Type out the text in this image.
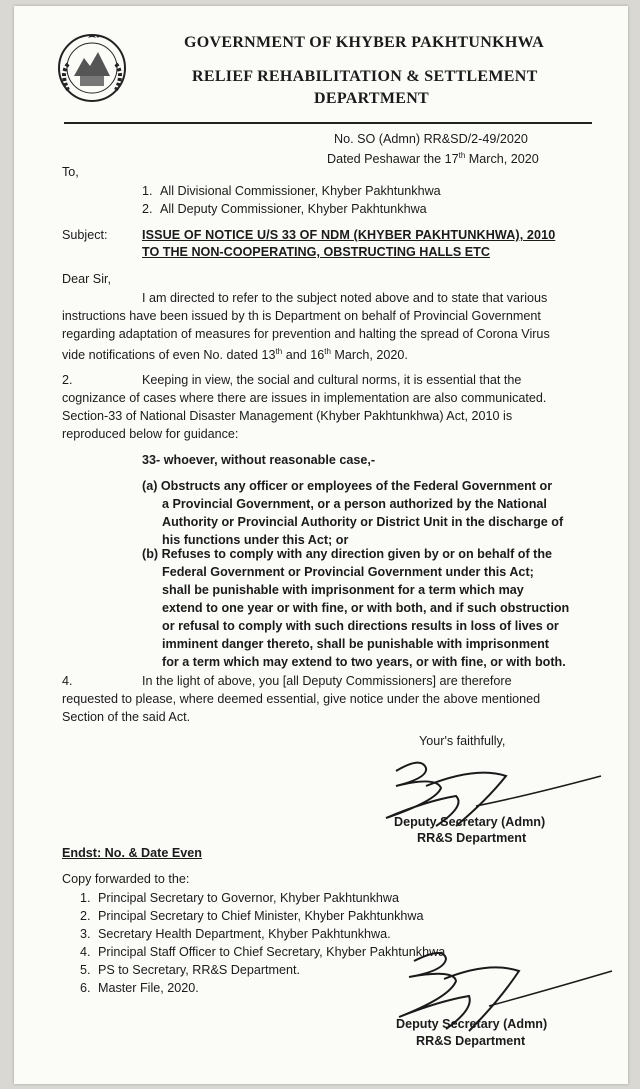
GOVERNMENT OF KHYBER PAKHTUNKHWA
RELIEF REHABILITATION & SETTLEMENT
DEPARTMENT
No. SO (Admn) RR&SD/2-49/2020
Dated Peshawar the 17th March, 2020
To,
1. All Divisional Commissioner, Khyber Pakhtunkhwa
2. All Deputy Commissioner, Khyber Pakhtunkhwa
Subject:	ISSUE OF NOTICE U/S 33 OF NDM (KHYBER PAKHTUNKHWA), 2010
TO THE NON-COOPERATING, OBSTRUCTING HALLS ETC
Dear Sir,
I am directed to refer to the subject noted above and to state that various
instructions have been issued by th is Department on behalf of Provincial Government
regarding adaptation of measures for prevention and halting the spread of Corona Virus
vide notifications of even No. dated 13th and 16th March, 2020.
2.	Keeping in view, the social and cultural norms, it is essential that the
cognizance of cases where there are issues in implementation are also communicated.
Section-33 of National Disaster Management (Khyber Pakhtunkhwa) Act, 2010 is
reproduced below for guidance:
33- whoever, without reasonable case,-
(a) Obstructs any officer or employees of the Federal Government or
a Provincial Government, or a person authorized by the National
Authority or Provincial Authority or District Unit in the discharge of
his functions under this Act; or
(b) Refuses to comply with any direction given by or on behalf of the
Federal Government or Provincial Government under this Act;
shall be punishable with imprisonment for a term which may
extend to one year or with fine, or with both, and if such obstruction
or refusal to comply with such directions results in loss of lives or
imminent danger thereto, shall be punishable with imprisonment
for a term which may extend to two years, or with fine, or with both.
4.	In the light of above, you [all Deputy Commissioners] are therefore
requested to please, where deemed essential, give notice under the above mentioned
Section of the said Act.
Your's faithfully,
Deputy Secretary (Admn)
RR&S Department
Endst: No. & Date Even
Copy forwarded to the:
1. Principal Secretary to Governor, Khyber Pakhtunkhwa
2. Principal Secretary to Chief Minister, Khyber Pakhtunkhwa
3. Secretary Health Department, Khyber Pakhtunkhwa.
4. Principal Staff Officer to Chief Secretary, Khyber Pakhtunkhwa
5. PS to Secretary, RR&S Department.
6. Master File, 2020.
Deputy Secretary (Admn)
RR&S Department
